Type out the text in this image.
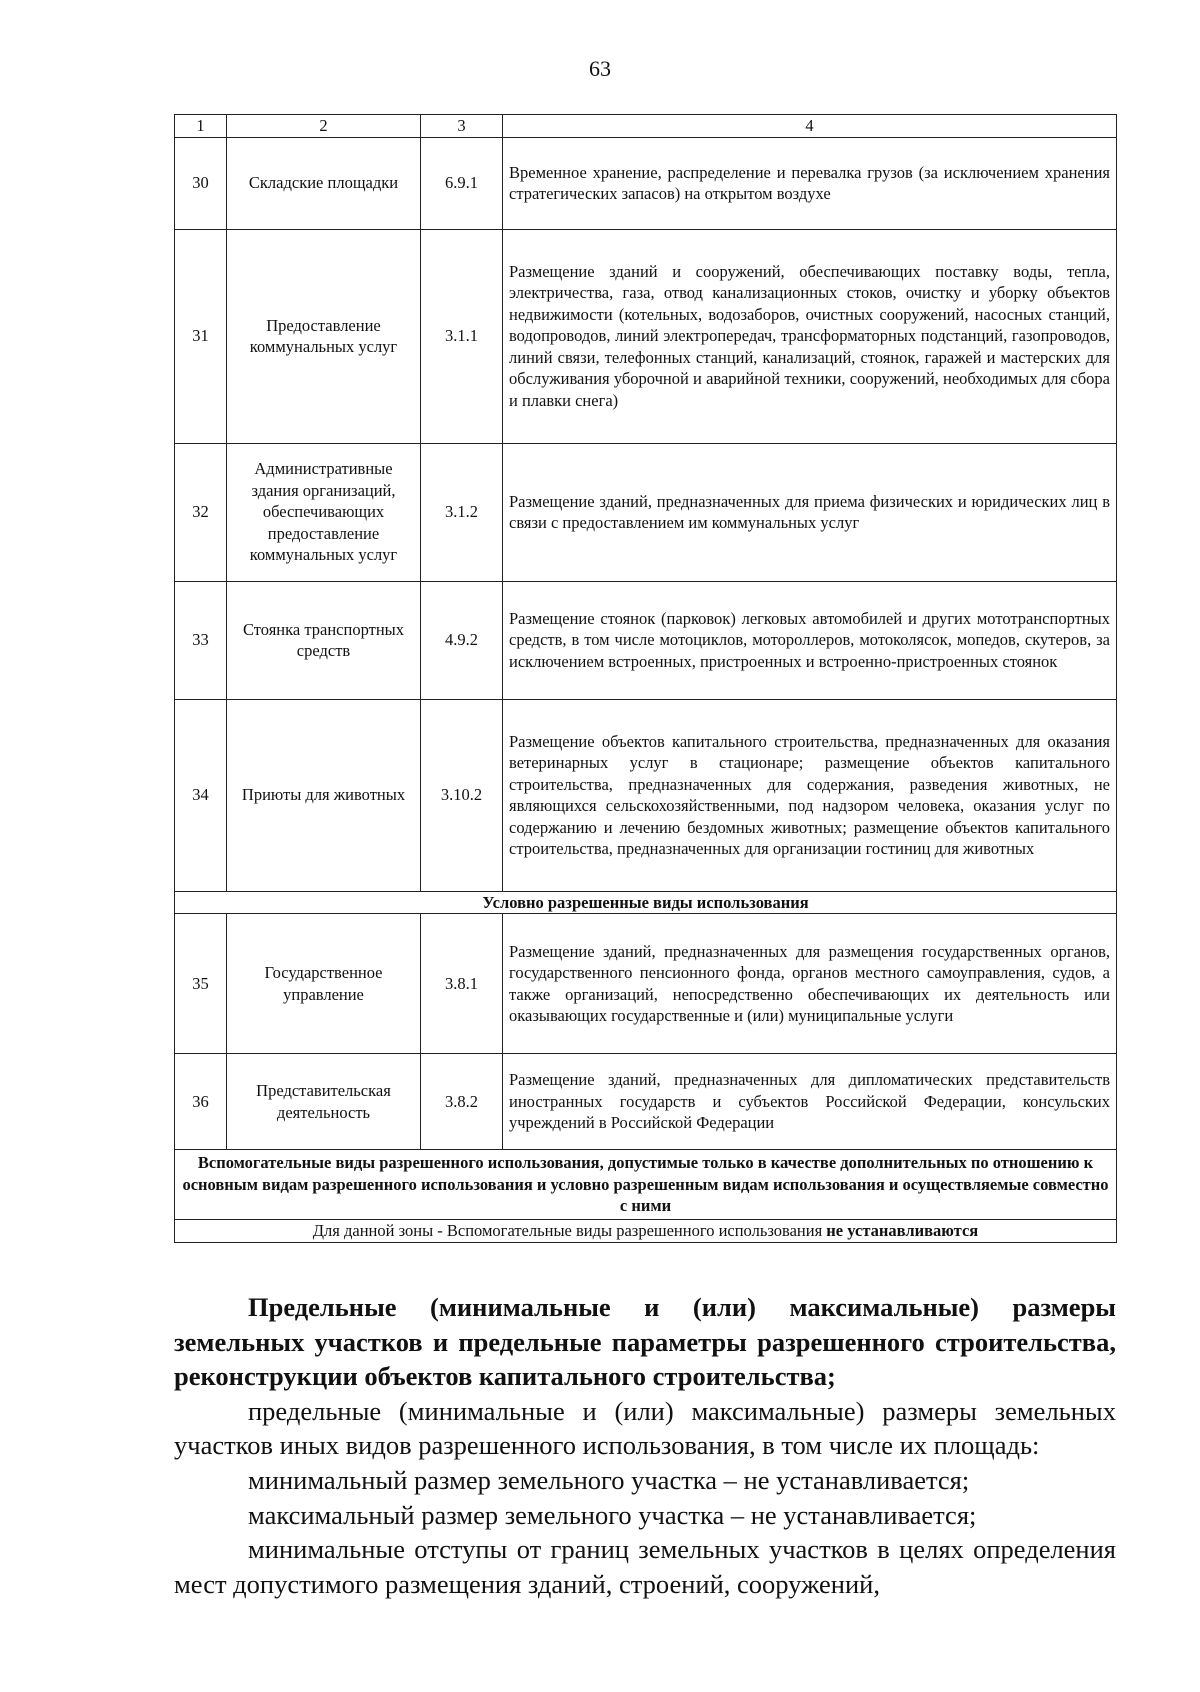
63
1	2	3	4
30	Складские площадки	6.9.1	Временное хранение, распределение и перевалка грузов (за исключением хранения стратегических запасов) на открытом воздухе
31	Предоставление коммунальных услуг	3.1.1	Размещение зданий и сооружений, обеспечивающих поставку воды, тепла, электричества, газа, отвод канализационных стоков, очистку и уборку объектов недвижимости (котельных, водозаборов, очистных сооружений, насосных станций, водопроводов, линий электропередач, трансформаторных подстанций, газопроводов, линий связи, телефонных станций, канализаций, стоянок, гаражей и мастерских для обслуживания уборочной и аварийной техники, сооружений, необходимых для сбора и плавки снега)
32	Административные здания организаций, обеспечивающих предоставление коммунальных услуг	3.1.2	Размещение зданий, предназначенных для приема физических и юридических лиц в связи с предоставлением им коммунальных услуг
33	Стоянка транспортных средств	4.9.2	Размещение стоянок (парковок) легковых автомобилей и других мототранспортных средств, в том числе мотоциклов, мотороллеров, мотоколясок, мопедов, скутеров, за исключением встроенных, пристроенных и встроенно-пристроенных стоянок
34	Приюты для животных	3.10.2	Размещение объектов капитального строительства, предназначенных для оказания ветеринарных услуг в стационаре; размещение объектов капитального строительства, предназначенных для содержания, разведения животных, не являющихся сельскохозяйственными, под надзором человека, оказания услуг по содержанию и лечению бездомных животных; размещение объектов капитального строительства, предназначенных для организации гостиниц для животных
Условно разрешенные виды использования			
35	Государственное управление	3.8.1	Размещение зданий, предназначенных для размещения государственных органов, государственного пенсионного фонда, органов местного самоуправления, судов, а также организаций, непосредственно обеспечивающих их деятельность или оказывающих государственные и (или) муниципальные услуги
36	Представительская деятельность	3.8.2	Размещение зданий, предназначенных для дипломатических представительств иностранных государств и субъектов Российской Федерации, консульских учреждений в Российской Федерации
Вспомогательные виды разрешенного использования, допустимые только в качестве дополнительных по отношению к основным видам разрешенного использования и условно разрешенным видам использования и осуществляемые совместно с ними			
Для данной зоны - Вспомогательные виды разрешенного использования не устанавливаются			

Предельные (минимальные и (или) максимальные) размеры земельных участков и предельные параметры разрешенного строительства, реконструкции объектов капитального строительства;

предельные (минимальные и (или) максимальные) размеры земельных участков иных видов разрешенного использования, в том числе их площадь:

минимальный размер земельного участка – не устанавливается;

максимальный размер земельного участка – не устанавливается;

минимальные отступы от границ земельных участков в целях определения мест допустимого размещения зданий, строений, сооружений,
